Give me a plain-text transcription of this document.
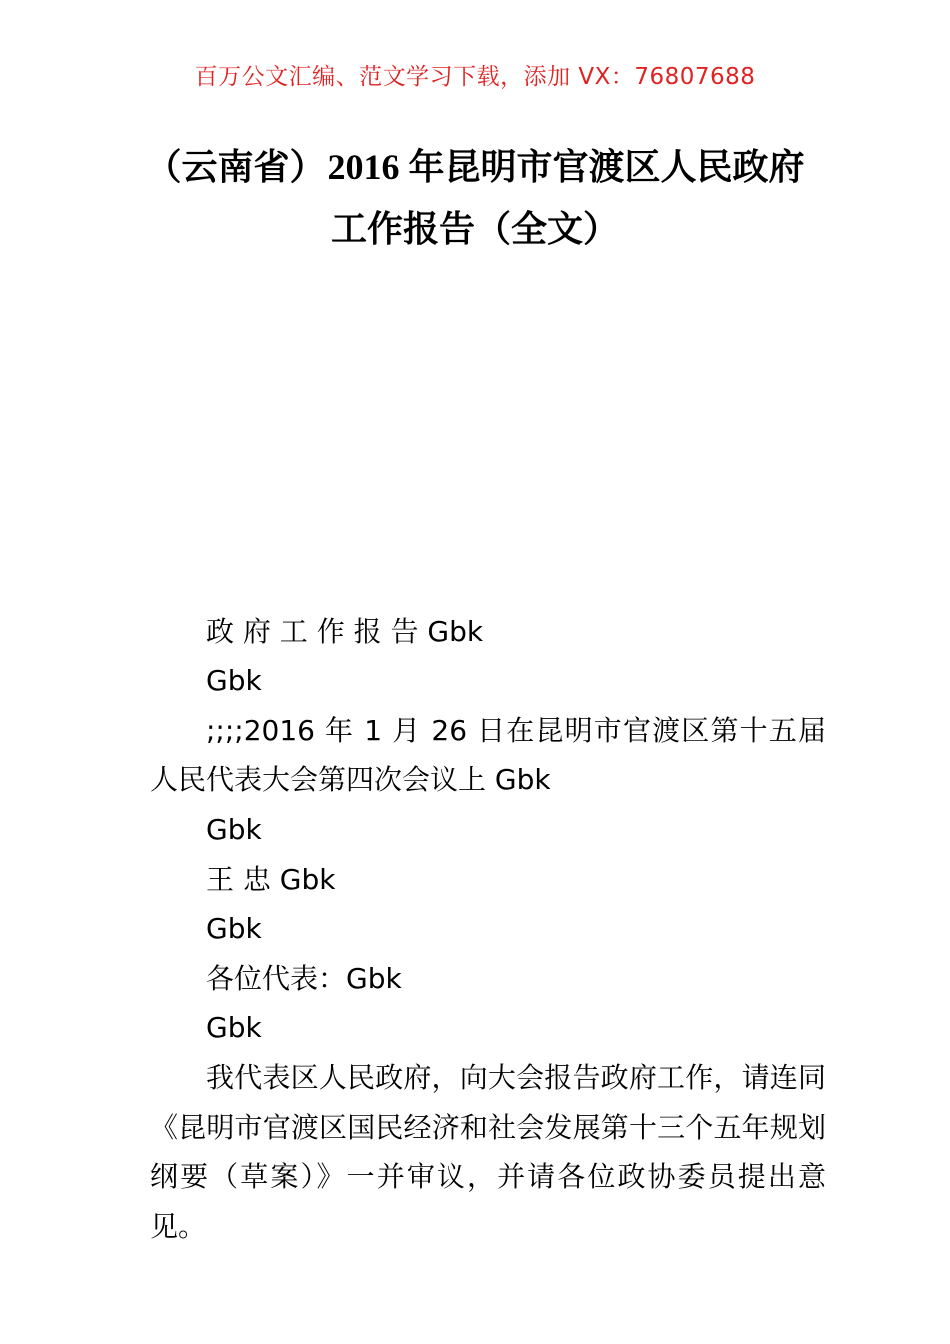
百万公文汇编、范文学习下载，添加 VX：76807688
（云南省）2016 年昆明市官渡区人民政府
工作报告（全文）

政 府 工 作 报 告 Gbk

Gbk

;;;;2016 年 1 月 26 日在昆明市官渡区第十五届人民代表大会第四次会议上 Gbk

Gbk

王 忠 Gbk

Gbk

各位代表：Gbk

Gbk

我代表区人民政府，向大会报告政府工作，请连同《昆明市官渡区国民经济和社会发展第十三个五年规划纲要（草案）》一并审议，并请各位政协委员提出意见。
